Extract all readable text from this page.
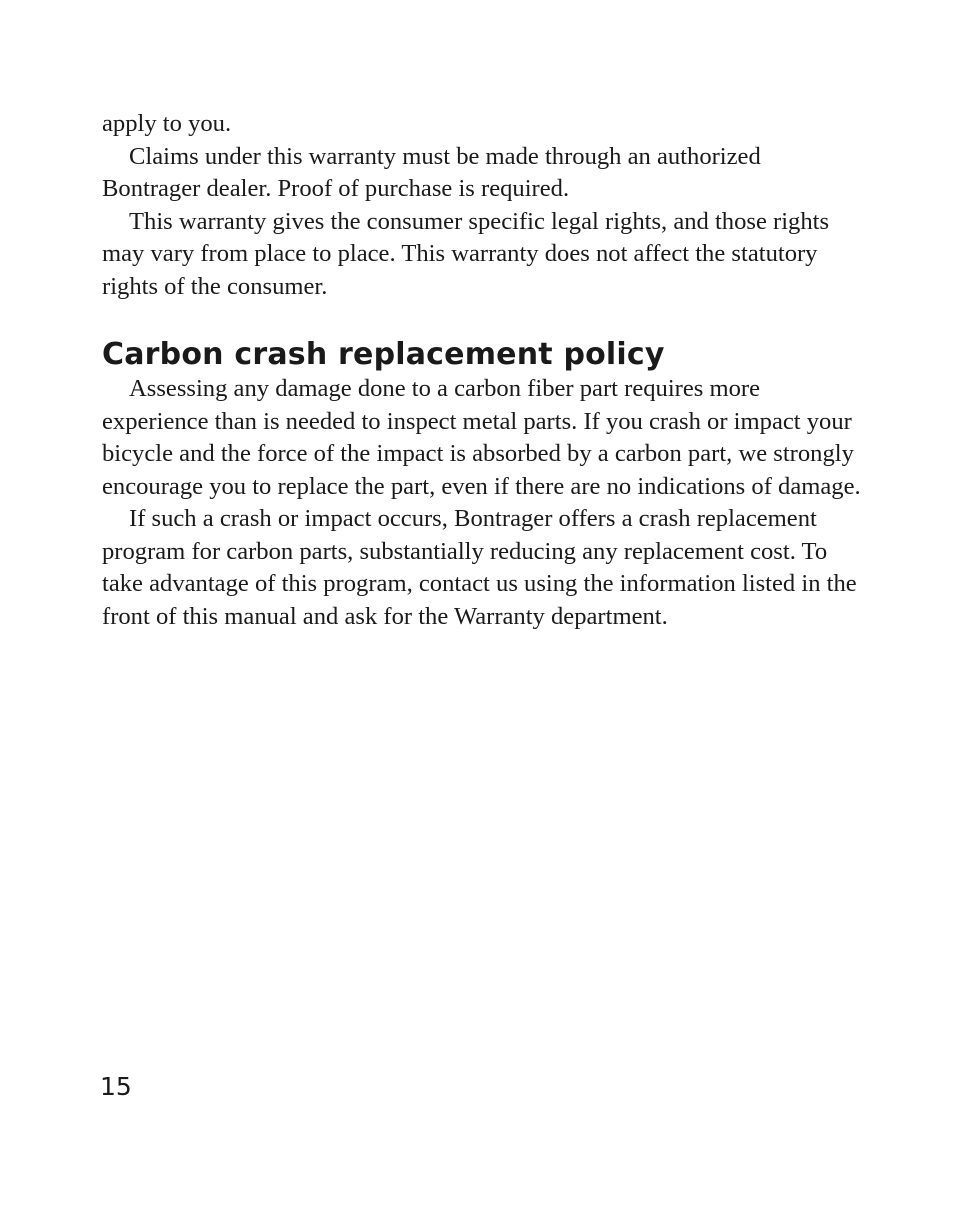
apply to you.

Claims under this warranty must be made through an authorized Bontrager dealer. Proof of purchase is required.

This warranty gives the consumer specific legal rights, and those rights may vary from place to place. This warranty does not affect the statutory rights of the consumer.

Carbon crash replacement policy

Assessing any damage done to a carbon fiber part requires more experience than is needed to inspect metal parts. If you crash or impact your bicycle and the force of the impact is absorbed by a carbon part, we strongly encourage you to replace the part, even if there are no indications of damage.

If such a crash or impact occurs, Bontrager offers a crash replacement program for carbon parts, substantially reducing any replacement cost. To take advantage of this program, contact us using the information listed in the front of this manual and ask for the Warranty department.

15
